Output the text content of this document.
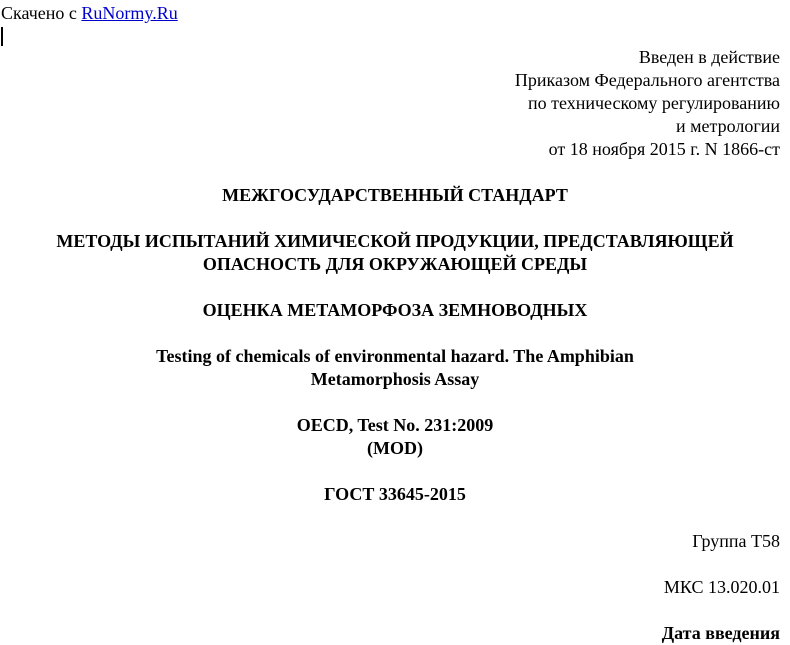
Скачено с RuNormy.Ru
Введен в действие
Приказом Федерального агентства
по техническому регулированию
и метрологии
от 18 ноября 2015 г. N 1866-ст
МЕЖГОСУДАРСТВЕННЫЙ СТАНДАРТ
МЕТОДЫ ИСПЫТАНИЙ ХИМИЧЕСКОЙ ПРОДУКЦИИ, ПРЕДСТАВЛЯЮЩЕЙ
ОПАСНОСТЬ ДЛЯ ОКРУЖАЮЩЕЙ СРЕДЫ
ОЦЕНКА МЕТАМОРФОЗА ЗЕМНОВОДНЫХ
Testing of chemicals of environmental hazard. The Amphibian
Metamorphosis Assay
OECD, Test No. 231:2009
(MOD)
ГОСТ 33645-2015
Группа Т58
МКС 13.020.01
Дата введения
